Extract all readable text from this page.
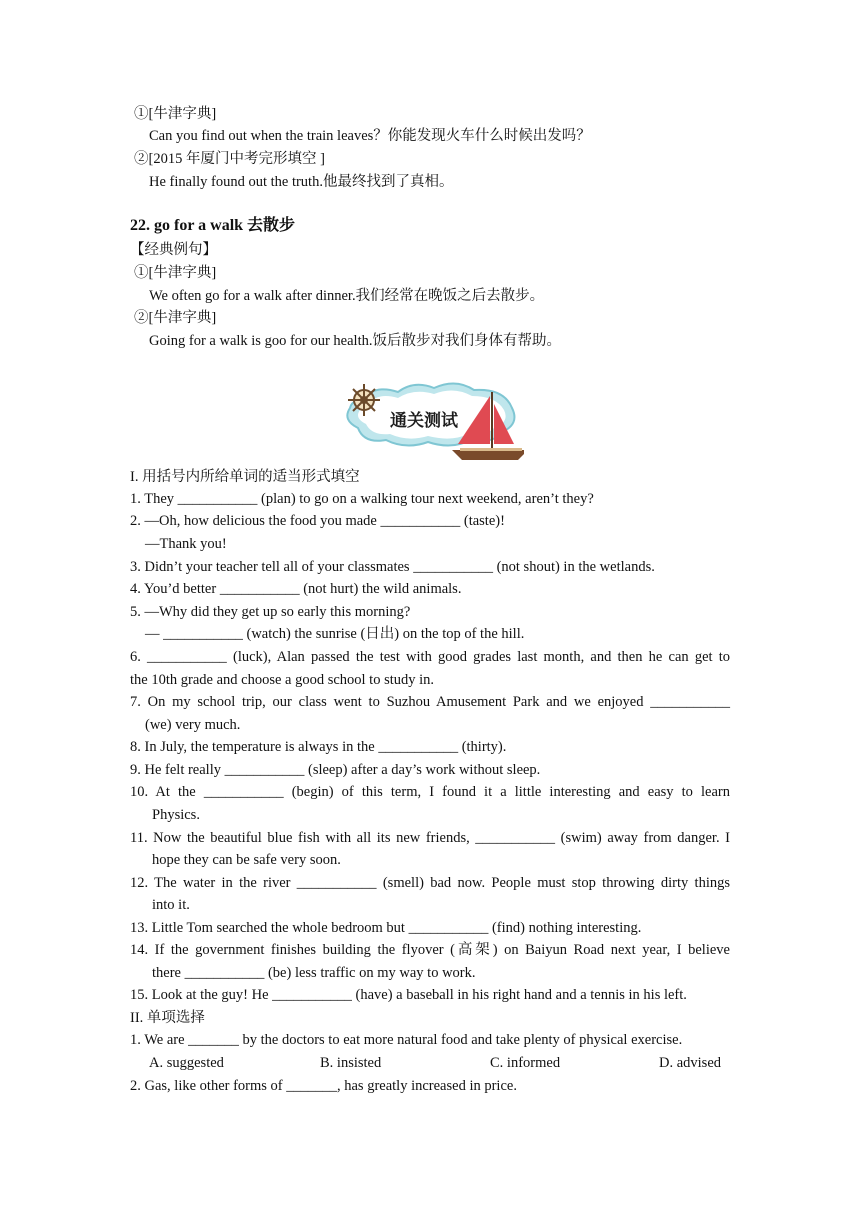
①[牛津字典]
Can you find out when the train leaves？你能发现火车什么时候出发吗？
②[2015 年厦门中考完形填空 ]
He finally found out the truth.他最终找到了真相。
22. go for a walk 去散步
【经典例句】
①[牛津字典]
We often go for a walk after dinner.我们经常在晚饭之后去散步。
②[牛津字典]
Going for a walk is goo for our health.饭后散步对我们身体有帮助。
通关测试
I. 用括号内所给单词的适当形式填空
1. They ___________ (plan) to go on a walking tour next weekend, aren’t they?
2. —Oh, how delicious the food you made ___________ (taste)!
—Thank you!
3. Didn’t your teacher tell all of your classmates ___________ (not shout) in the wetlands.
4. You’d better ___________ (not hurt) the wild animals.
5. —Why did they get up so early this morning?
— ___________ (watch) the sunrise (日出) on the top of the hill.
6. ___________ (luck), Alan passed the test with good grades last month, and then he can get to
the 10th grade and choose a good school to study in.
7. On my school trip, our class went to Suzhou Amusement Park and we enjoyed ___________
(we) very much.
8. In July, the temperature is always in the ___________ (thirty).
9. He felt really ___________ (sleep) after a day’s work without sleep.
10. At the ___________ (begin) of this term, I found it a little interesting and easy to learn
Physics.
11. Now the beautiful blue fish with all its new friends, ___________ (swim) away from danger. I
hope they can be safe very soon.
12. The water in the river ___________ (smell) bad now. People must stop throwing dirty things
into it.
13. Little Tom searched the whole bedroom but ___________ (find) nothing interesting.
14. If the government finishes building the flyover (高架) on Baiyun Road next year, I believe
there ___________ (be) less traffic on my way to work.
15. Look at the guy! He ___________ (have) a baseball in his right hand and a tennis in his left.
II. 单项选择
1. We are _______ by the doctors to eat more natural food and take plenty of physical exercise.
A. suggested	B. insisted	C. informed	D. advised
2. Gas, like other forms of _______, has greatly increased in price.
